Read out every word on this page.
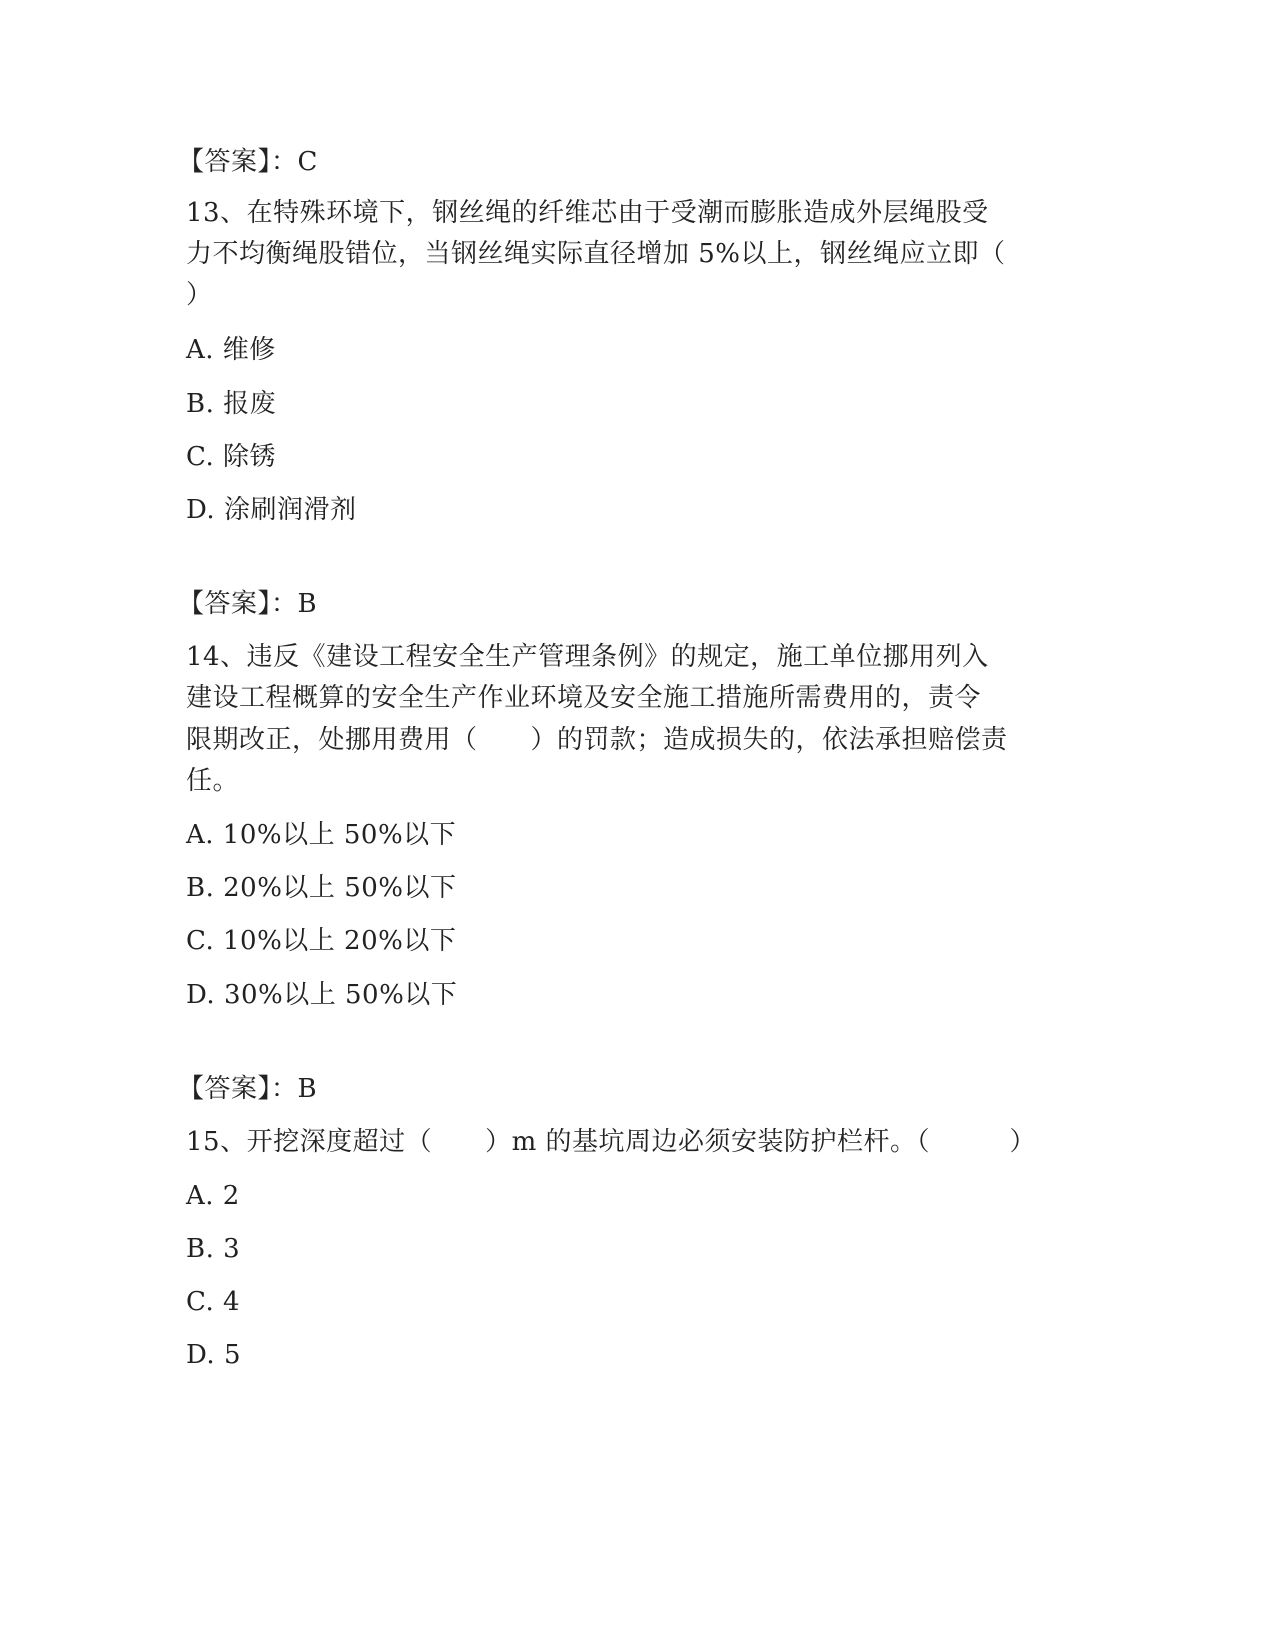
【答案】：C
13、在特殊环境下，钢丝绳的纤维芯由于受潮而膨胀造成外层绳股受
力不均衡绳股错位，当钢丝绳实际直径增加 5%以上，钢丝绳应立即（
）
A. 维修
B. 报废
C. 除锈
D. 涂刷润滑剂
【答案】：B
14、违反《建设工程安全生产管理条例》的规定，施工单位挪用列入
建设工程概算的安全生产作业环境及安全施工措施所需费用的，责令
限期改正，处挪用费用（　　）的罚款；造成损失的，依法承担赔偿责
任。
A. 10%以上 50%以下
B. 20%以上 50%以下
C. 10%以上 20%以下
D. 30%以上 50%以下
【答案】：B
15、开挖深度超过（　　）m 的基坑周边必须安装防护栏杆。（　　　）
A. 2
B. 3
C. 4
D. 5
